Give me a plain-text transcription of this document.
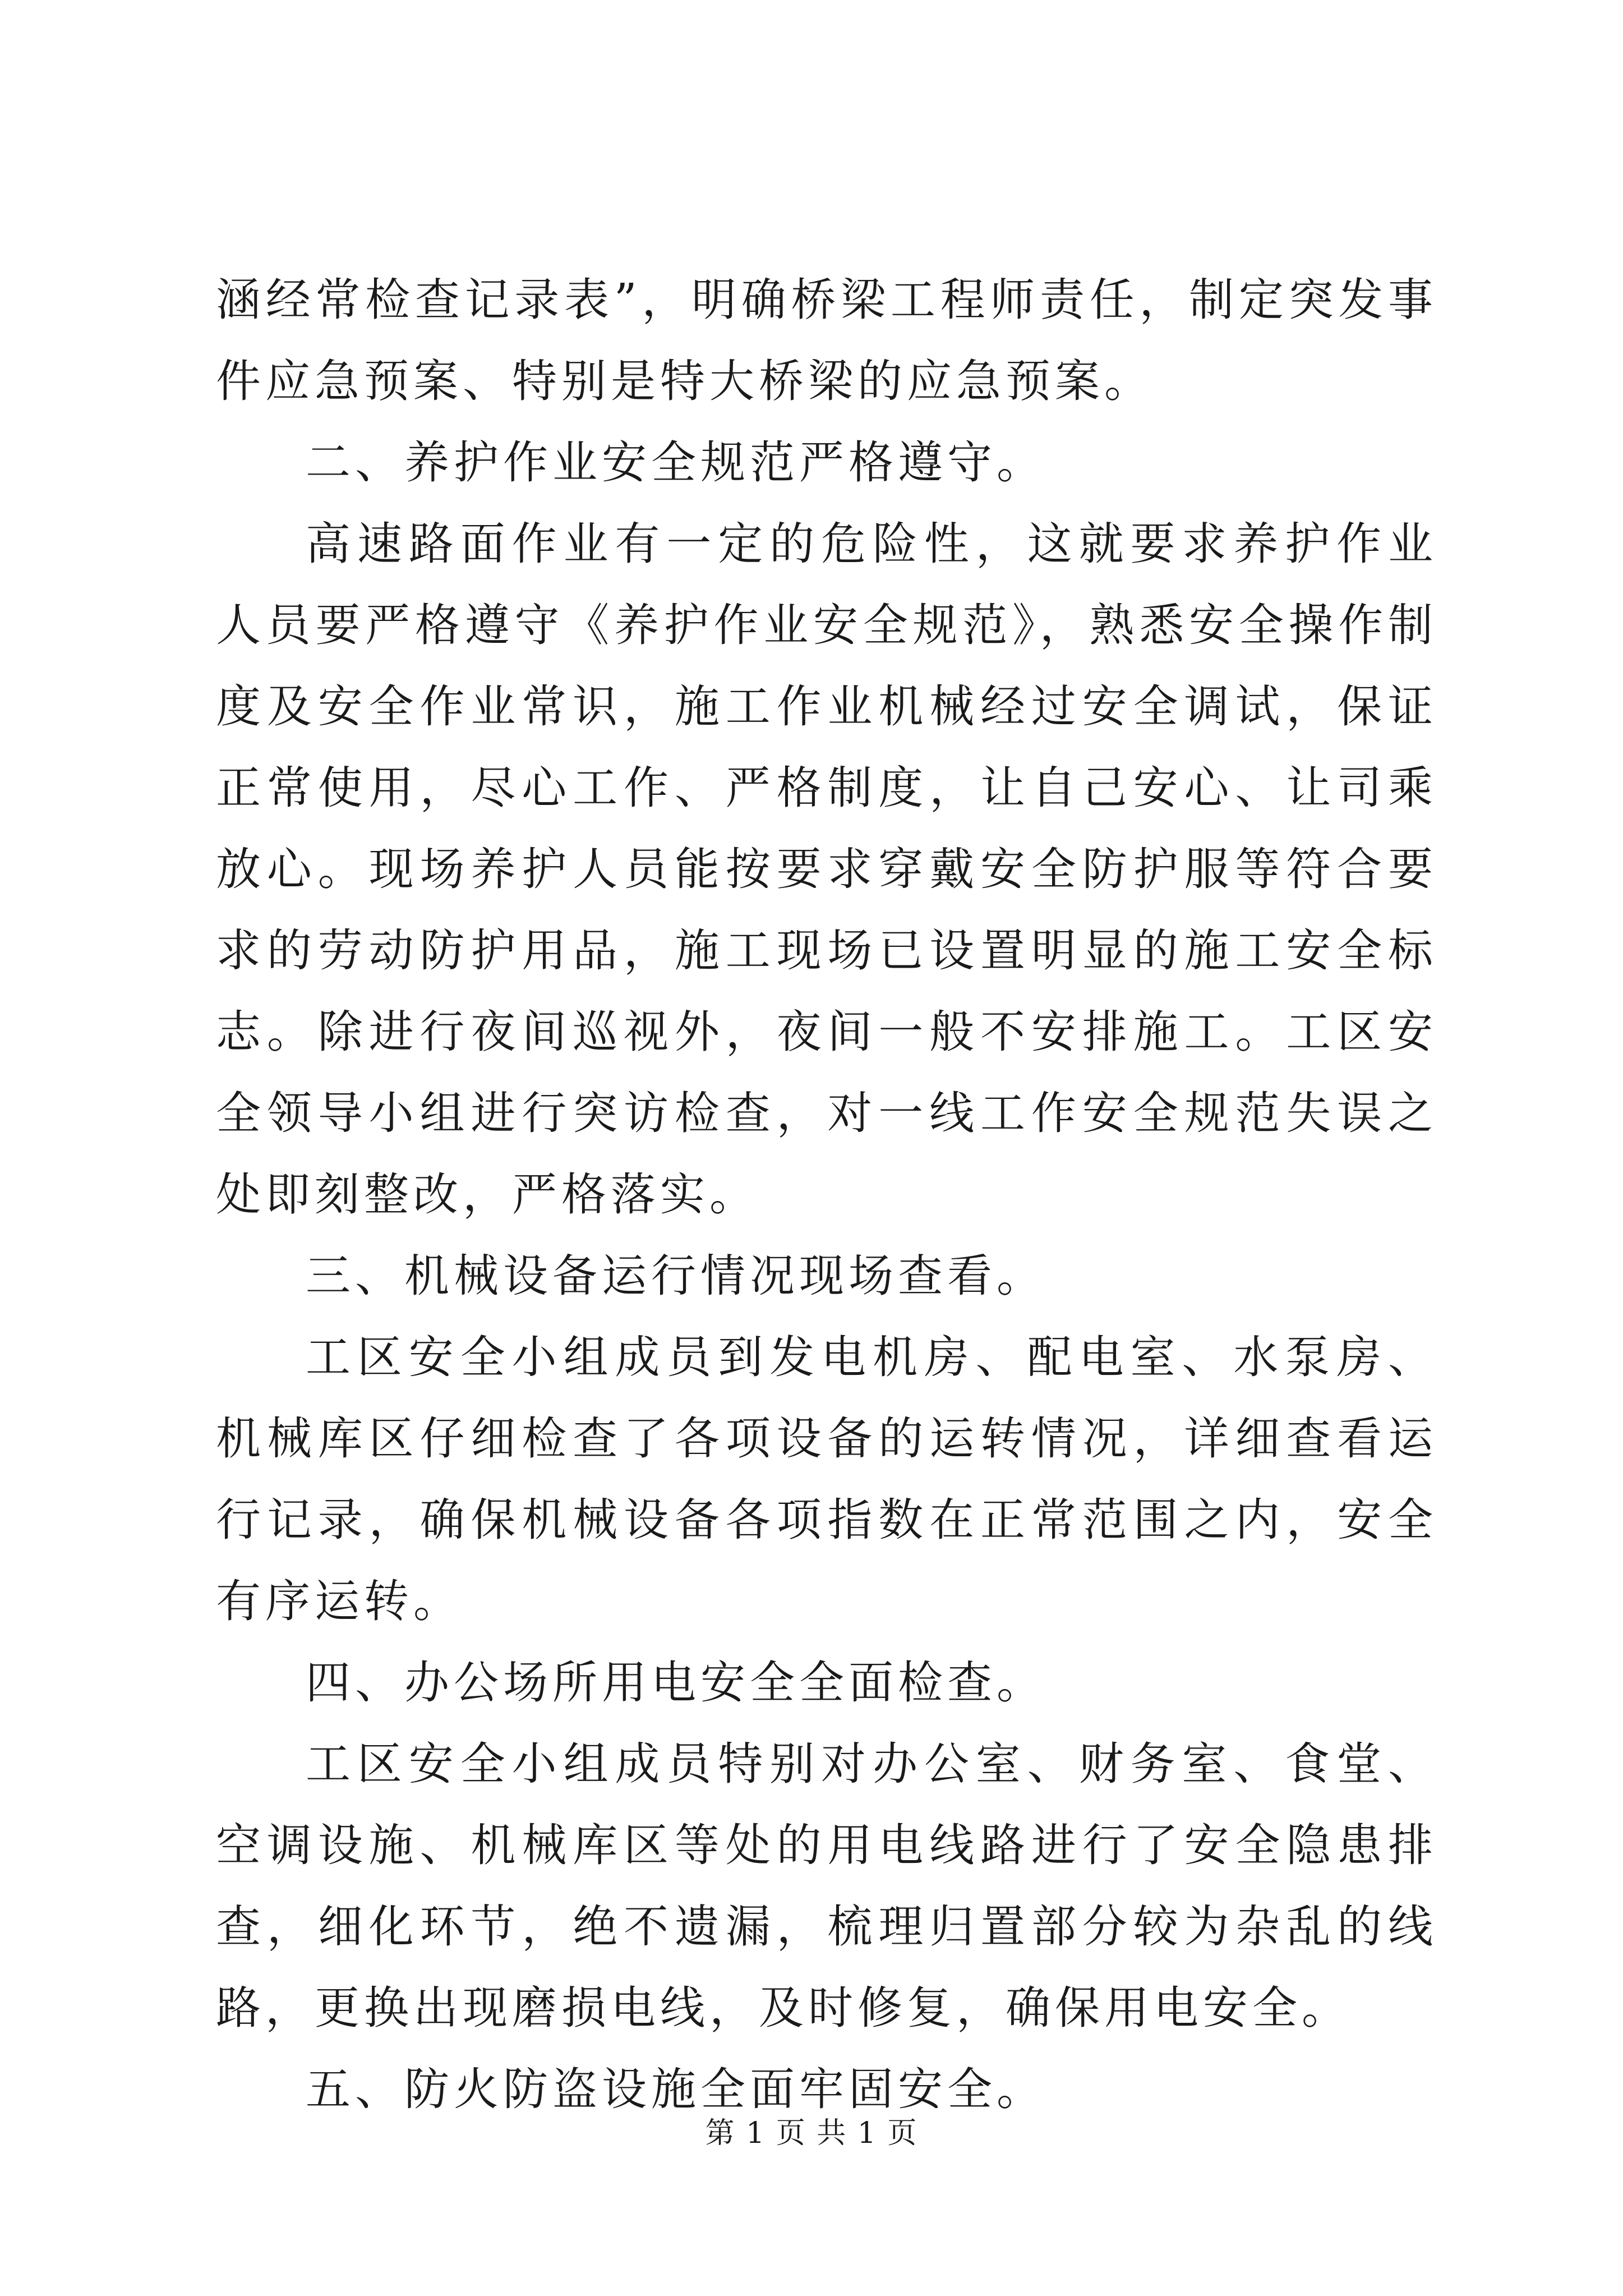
涵经常检查记录表”，明确桥梁工程师责任，制定突发事件应急预案、特别是特大桥梁的应急预案。

二、养护作业安全规范严格遵守。

高速路面作业有一定的危险性，这就要求养护作业人员要严格遵守《养护作业安全规范》，熟悉安全操作制度及安全作业常识，施工作业机械经过安全调试，保证正常使用，尽心工作、严格制度，让自己安心、让司乘放心。现场养护人员能按要求穿戴安全防护服等符合要求的劳动防护用品，施工现场已设置明显的施工安全标志。除进行夜间巡视外，夜间一般不安排施工。工区安全领导小组进行突访检查，对一线工作安全规范失误之处即刻整改，严格落实。

三、机械设备运行情况现场查看。

工区安全小组成员到发电机房、配电室、水泵房、机械库区仔细检查了各项设备的运转情况，详细查看运行记录，确保机械设备各项指数在正常范围之内，安全有序运转。

四、办公场所用电安全全面检查。

工区安全小组成员特别对办公室、财务室、食堂、空调设施、机械库区等处的用电线路进行了安全隐患排查，细化环节，绝不遗漏，梳理归置部分较为杂乱的线路，更换出现磨损电线，及时修复，确保用电安全。

五、防火防盗设施全面牢固安全。

第 1 页 共 1 页
